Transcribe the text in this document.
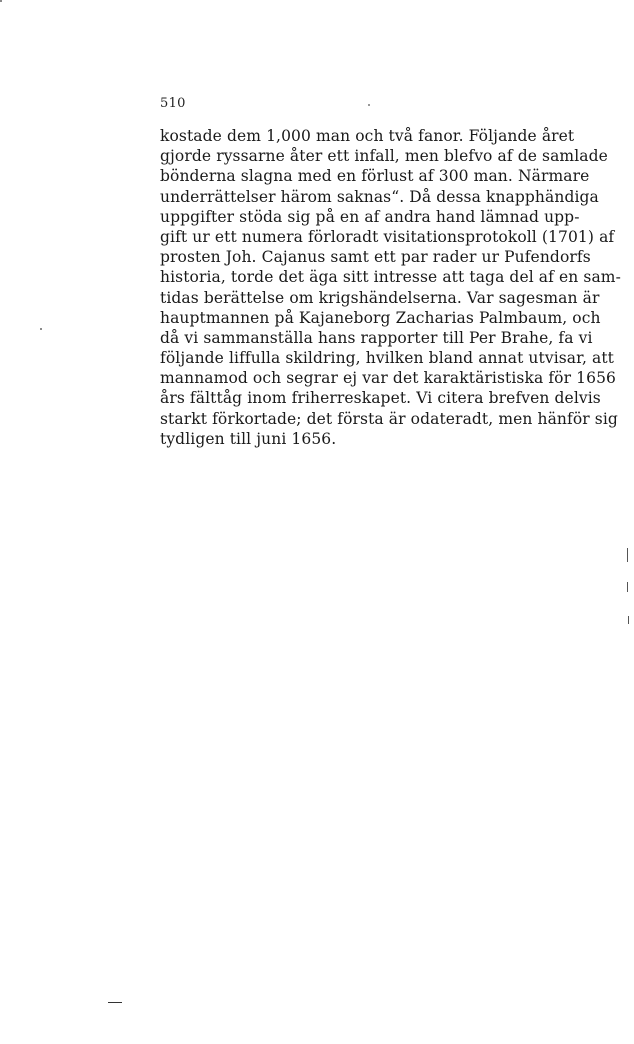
510
kostade dem 1,000 man och två fanor. Följande året
gjorde ryssarne åter ett infall, men blefvo af de samlade
bönderna slagna med en förlust af 300 man. Närmare
underrättelser härom saknas“. Då dessa knapphändiga
uppgifter stöda sig på en af andra hand lämnad upp-
gift ur ett numera förloradt visitationsprotokoll (1701) af
prosten Joh. Cajanus samt ett par rader ur Pufendorfs
historia, torde det äga sitt intresse att taga del af en sam-
tidas berättelse om krigshändelserna. Var sagesman är
hauptmannen på Kajaneborg Zacharias Palmbaum, och
då vi sammanställa hans rapporter till Per Brahe, fa vi
följande liffulla skildring, hvilken bland annat utvisar, att
mannamod och segrar ej var det karaktäristiska för 1656
års fälttåg inom friherreskapet. Vi citera brefven delvis
starkt förkortade; det första är odateradt, men hänför sig
tydligen till juni 1656.
